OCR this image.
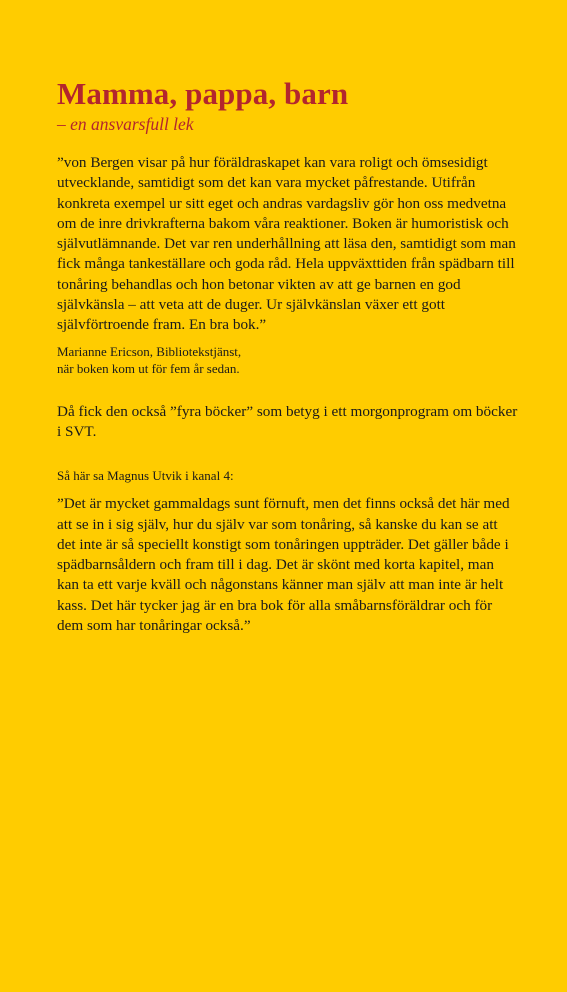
Mamma, pappa, barn

– en ansvarsfull lek

”von Bergen visar på hur föräldraskapet kan vara roligt och ömsesidigt utvecklande, samtidigt som det kan vara mycket påfrestande. Utifrån konkreta exempel ur sitt eget och andras vardagsliv gör hon oss medvetna om de inre drivkrafterna bakom våra reaktioner. Boken är humoristisk och självutlämnande. Det var ren underhållning att läsa den, samtidigt som man fick många tankeställare och goda råd. Hela uppväxttiden från spädbarn till tonåring behandlas och hon betonar vikten av att ge barnen en god självkänsla – att veta att de duger. Ur självkänslan växer ett gott självförtroende fram. En bra bok.”

Marianne Ericson, Bibliotekstjänst,
när boken kom ut för fem år sedan.

Då fick den också ”fyra böcker” som betyg i ett morgonprogram om böcker i SVT.

Så här sa Magnus Utvik i kanal 4:

”Det är mycket gammaldags sunt förnuft, men det finns också det här med att se in i sig själv, hur du själv var som tonåring, så kanske du kan se att det inte är så speciellt konstigt som tonåringen uppträder. Det gäller både i spädbarnsåldern och fram till i dag. Det är skönt med korta kapitel, man kan ta ett varje kväll och någonstans känner man själv att man inte är helt kass. Det här tycker jag är en bra bok för alla småbarnsföräldrar och för dem som har tonåringar också.”
